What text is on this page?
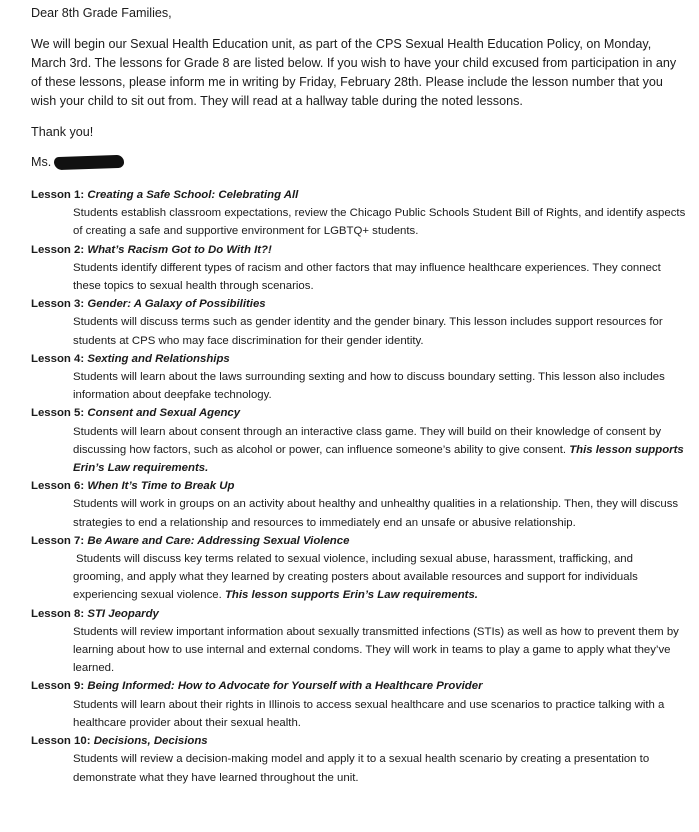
Dear 8th Grade Families,

We will begin our Sexual Health Education unit, as part of the CPS Sexual Health Education Policy, on Monday, March 3rd. The lessons for Grade 8 are listed below. If you wish to have your child excused from participation in any of these lessons, please inform me in writing by Friday, February 28th. Please include the lesson number that you wish your child to sit out from. They will read at a hallway table during the noted lessons.

Thank you!

Ms.
Lesson 1: Creating a Safe School: Celebrating All
Students establish classroom expectations, review the Chicago Public Schools Student Bill of Rights, and identify aspects of creating a safe and supportive environment for LGBTQ+ students.
Lesson 2: What’s Racism Got to Do With It?!
Students identify different types of racism and other factors that may influence healthcare experiences. They connect these topics to sexual health through scenarios.
Lesson 3: Gender: A Galaxy of Possibilities
Students will discuss terms such as gender identity and the gender binary. This lesson includes support resources for students at CPS who may face discrimination for their gender identity.
Lesson 4: Sexting and Relationships
Students will learn about the laws surrounding sexting and how to discuss boundary setting. This lesson also includes information about deepfake technology.
Lesson 5: Consent and Sexual Agency
Students will learn about consent through an interactive class game. They will build on their knowledge of consent by discussing how factors, such as alcohol or power, can influence someone’s ability to give consent. This lesson supports Erin’s Law requirements.
Lesson 6: When It’s Time to Break Up
Students will work in groups on an activity about healthy and unhealthy qualities in a relationship. Then, they will discuss strategies to end a relationship and resources to immediately end an unsafe or abusive relationship.
Lesson 7: Be Aware and Care: Addressing Sexual Violence
Students will discuss key terms related to sexual violence, including sexual abuse, harassment, trafficking, and grooming, and apply what they learned by creating posters about available resources and support for individuals experiencing sexual violence. This lesson supports Erin’s Law requirements.
Lesson 8: STI Jeopardy
Students will review important information about sexually transmitted infections (STIs) as well as how to prevent them by learning about how to use internal and external condoms. They will work in teams to play a game to apply what they’ve learned.
Lesson 9: Being Informed: How to Advocate for Yourself with a Healthcare Provider
Students will learn about their rights in Illinois to access sexual healthcare and use scenarios to practice talking with a healthcare provider about their sexual health.
Lesson 10: Decisions, Decisions
Students will review a decision-making model and apply it to a sexual health scenario by creating a presentation to demonstrate what they have learned throughout the unit.
